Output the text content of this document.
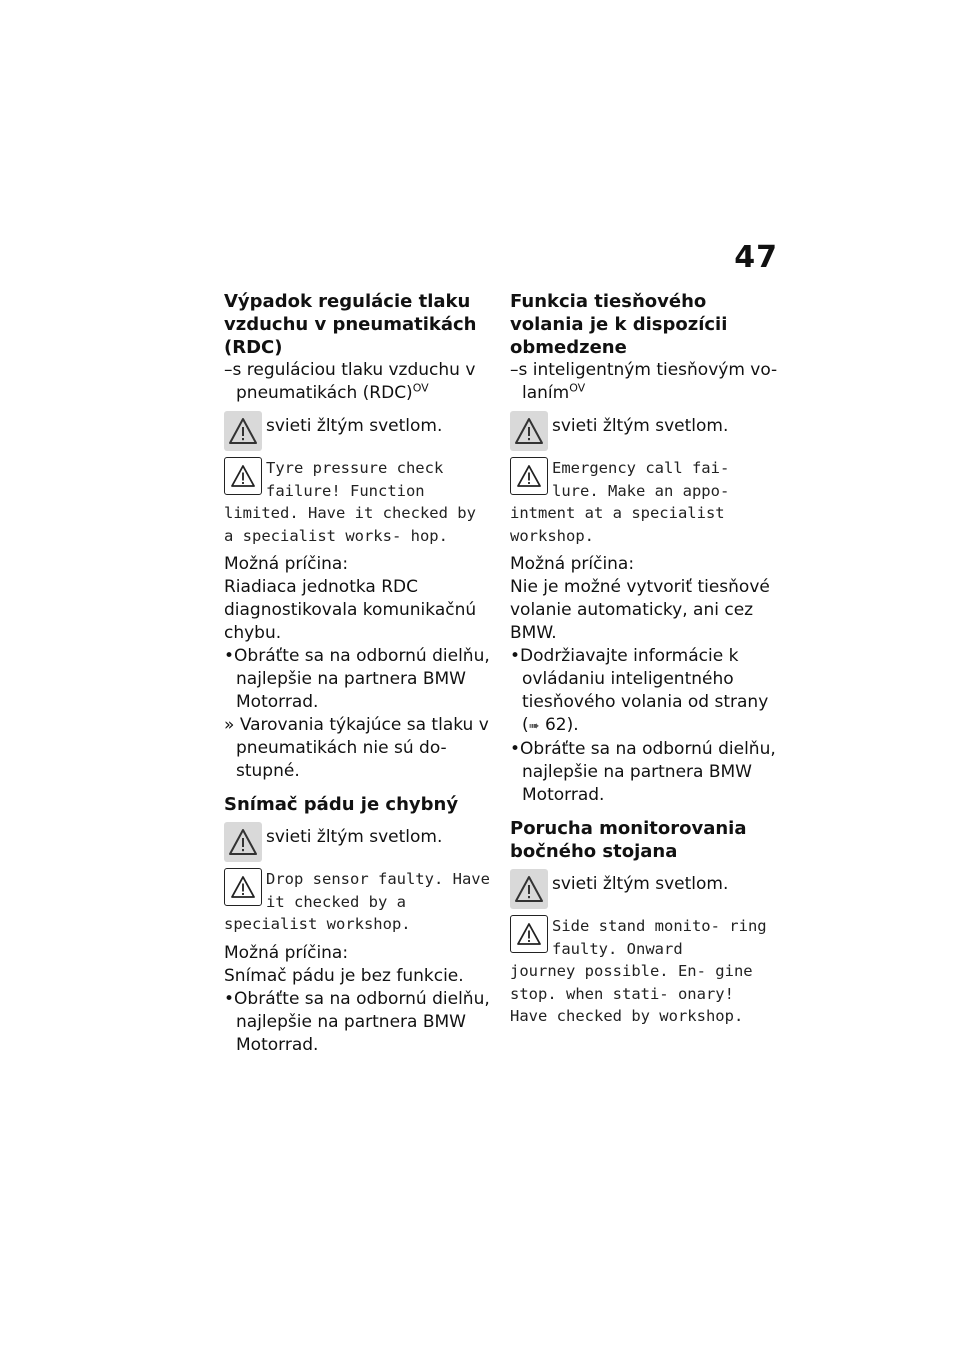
47
Výpadok regulácie tlaku vzduchu v pneumatikách (RDC)
–s reguláciou tlaku vzduchu v pneumatikách (RDC)$^{OV}$
svieti žltým svetlom.
Tyre pressure check failure! Function
limited. Have it checked by a specialist works- hop.
Možná príčina:
Riadiaca jednotka RDC diagnostikovala komunikačnú chybu.
•Obráťte sa na odbornú dielňu, najlepšie na partnera BMW Motorrad.
» Varovania týkajúce sa tlaku v pneumatikách nie sú do- stupné.
Snímač pádu je chybný
svieti žltým svetlom.
Drop sensor faulty. Have it checked by a
specialist workshop.
Možná príčina:
Snímač pádu je bez funkcie.
•Obráťte sa na odbornú dielňu, najlepšie na partnera BMW Motorrad.
Funkcia tiesňového volania je k dispozícii obmedzene
–s inteligentným tiesňovým vo- laním$^{OV}$
svieti žltým svetlom.
Emergency call fai- lure. Make an appo-
intment at a specialist workshop.
Možná príčina:
Nie je možné vytvoriť tiesňové volanie automaticky, ani cez BMW.
•Dodržiavajte informácie k ovládaniu inteligentného tiesňového volania od strany (➠ 62).
•Obráťte sa na odbornú dielňu, najlepšie na partnera BMW Motorrad.
Porucha monitorovania bočného stojana
svieti žltým svetlom.
Side stand monito- ring faulty. Onward
journey possible. En- gine stop. when stati- onary! Have checked by workshop.
